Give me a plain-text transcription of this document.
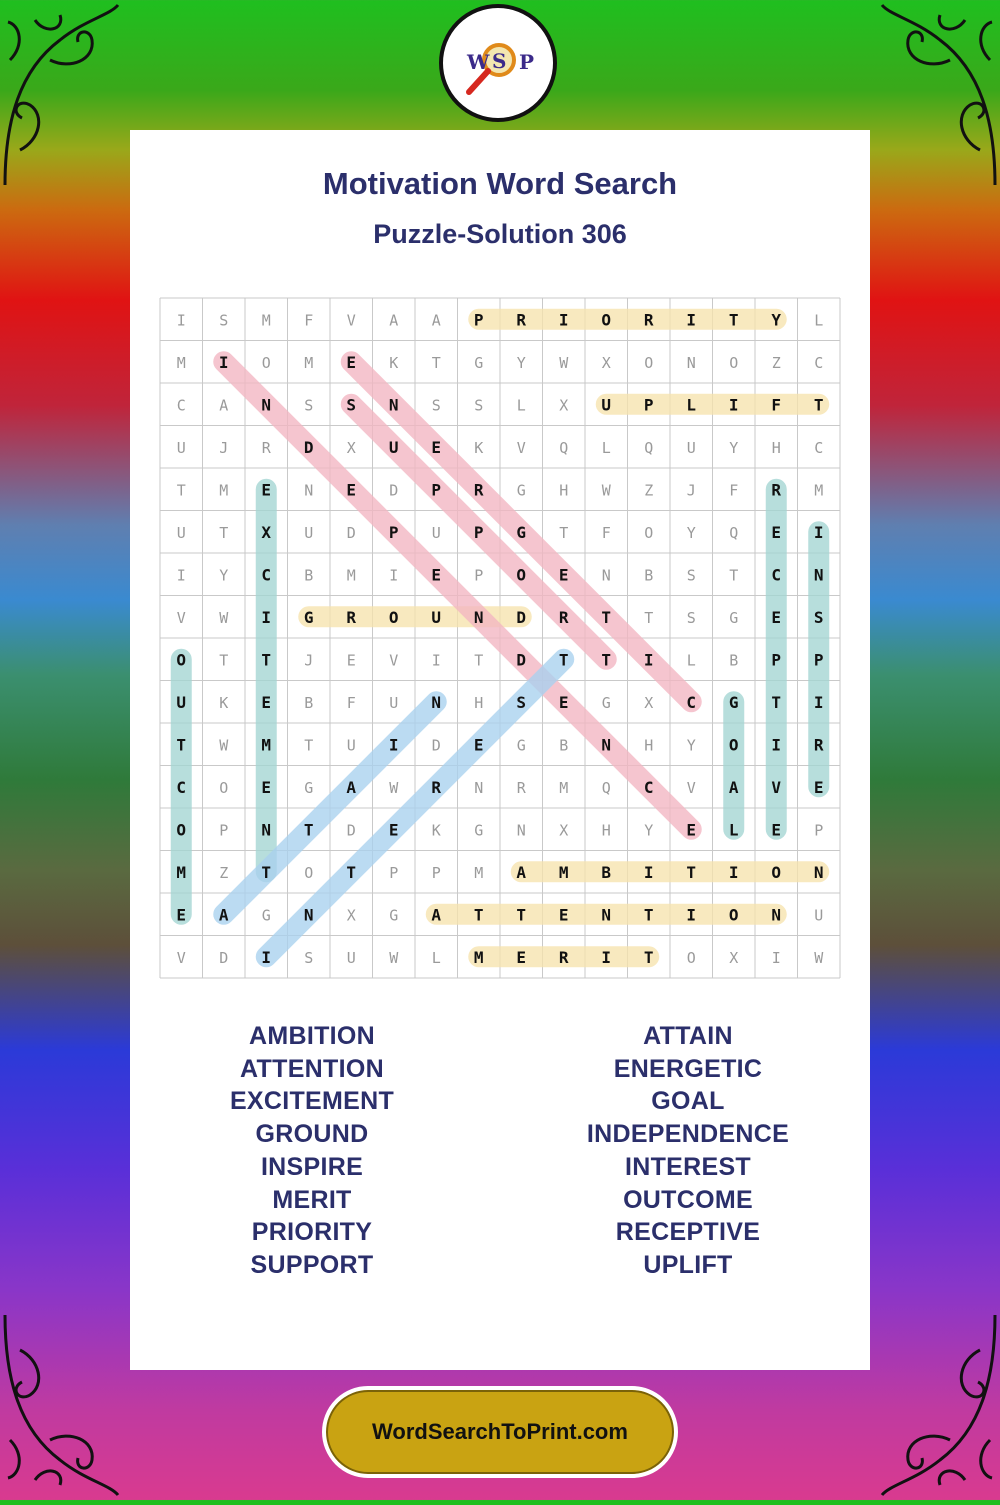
W S P
Motivation Word Search
Puzzle-Solution 306
I S M F V A A P R I O R I T Y L
M I O M E K T G Y W X O N O Z C
C A N S S N S S L X U P L I F T
U J R D X U E K V Q L Q U Y H C
T M E N E D P R G H W Z J F R M
U T X U D P U P G T F O Y Q E I
I Y C B M I E P O E N B S T C N
V W I G R O U N D R T T S G E S
O T T J E V I T D T T I L B P P
U K E B F U N H S E G X C G T I
T W M T U I D E G B N H Y O I R
C O E G A W R N R M Q C V A V E
O P N T D E K G N X H Y E L E P
M Z T O T P P M A M B I T I O N
E A G N X G A T T E N T I O N U
V D I S U W L M E R I T O X I W
AMBITION
ATTENTION
EXCITEMENT
GROUND
INSPIRE
MERIT
PRIORITY
SUPPORT
ATTAIN
ENERGETIC
GOAL
INDEPENDENCE
INTEREST
OUTCOME
RECEPTIVE
UPLIFT
WordSearchToPrint.com
